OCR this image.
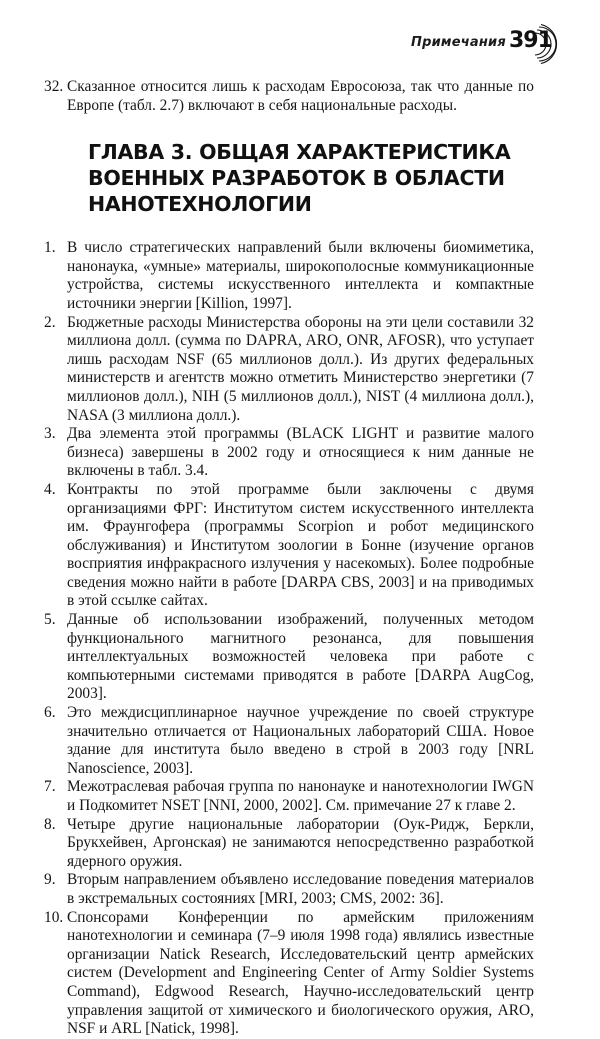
Примечания 391
32. Сказанное относится лишь к расходам Евросоюза, так что данные по Европе (табл. 2.7) включают в себя национальные расходы.
ГЛАВА 3. ОБЩАЯ ХАРАКТЕРИСТИКА ВОЕННЫХ РАЗРАБОТОК В ОБЛАСТИ НАНОТЕХНОЛОГИИ
1. В число стратегических направлений были включены биомиметика, нанонаука, «умные» материалы, широкополосные коммуникационные устройства, системы искусственного интеллекта и компактные источники энергии [Killion, 1997].
2. Бюджетные расходы Министерства обороны на эти цели составили 32 миллиона долл. (сумма по DAPRA, ARO, ONR, AFOSR), что уступает лишь расходам NSF (65 миллионов долл.). Из других федеральных министерств и агентств можно отметить Министерство энергетики (7 миллионов долл.), NIH (5 миллионов долл.), NIST (4 миллиона долл.), NASA (3 миллиона долл.).
3. Два элемента этой программы (BLACK LIGHT и развитие малого бизнеса) завершены в 2002 году и относящиеся к ним данные не включены в табл. 3.4.
4. Контракты по этой программе были заключены с двумя организациями ФРГ: Институтом систем искусственного интеллекта им. Фраунгофера (программы Scorpion и робот медицинского обслуживания) и Институтом зоологии в Бонне (изучение органов восприятия инфракрасного излучения у насекомых). Более подробные сведения можно найти в работе [DARPA CBS, 2003] и на приводимых в этой ссылке сайтах.
5. Данные об использовании изображений, полученных методом функционального магнитного резонанса, для повышения интеллектуальных возможностей человека при работе с компьютерными системами приводятся в работе [DARPA AugCog, 2003].
6. Это междисциплинарное научное учреждение по своей структуре значительно отличается от Национальных лабораторий США. Новое здание для института было введено в строй в 2003 году [NRL Nanoscience, 2003].
7. Межотраслевая рабочая группа по нанонауке и нанотехнологии IWGN и Подкомитет NSET [NNI, 2000, 2002]. См. примечание 27 к главе 2.
8. Четыре другие национальные лаборатории (Оук-Ридж, Беркли, Брукхейвен, Аргонская) не занимаются непосредственно разработкой ядерного оружия.
9. Вторым направлением объявлено исследование поведения материалов в экстремальных состояниях [MRI, 2003; CMS, 2002: 36].
10. Спонсорами Конференции по армейским приложениям нанотехнологии и семинара (7–9 июля 1998 года) являлись известные организации Natick Research, Исследовательский центр армейских систем (Development and Engineering Center of Army Soldier Systems Command), Edgwood Research, Научно-исследовательский центр управления защитой от химического и биологического оружия, ARO, NSF и ARL [Natick, 1998].
